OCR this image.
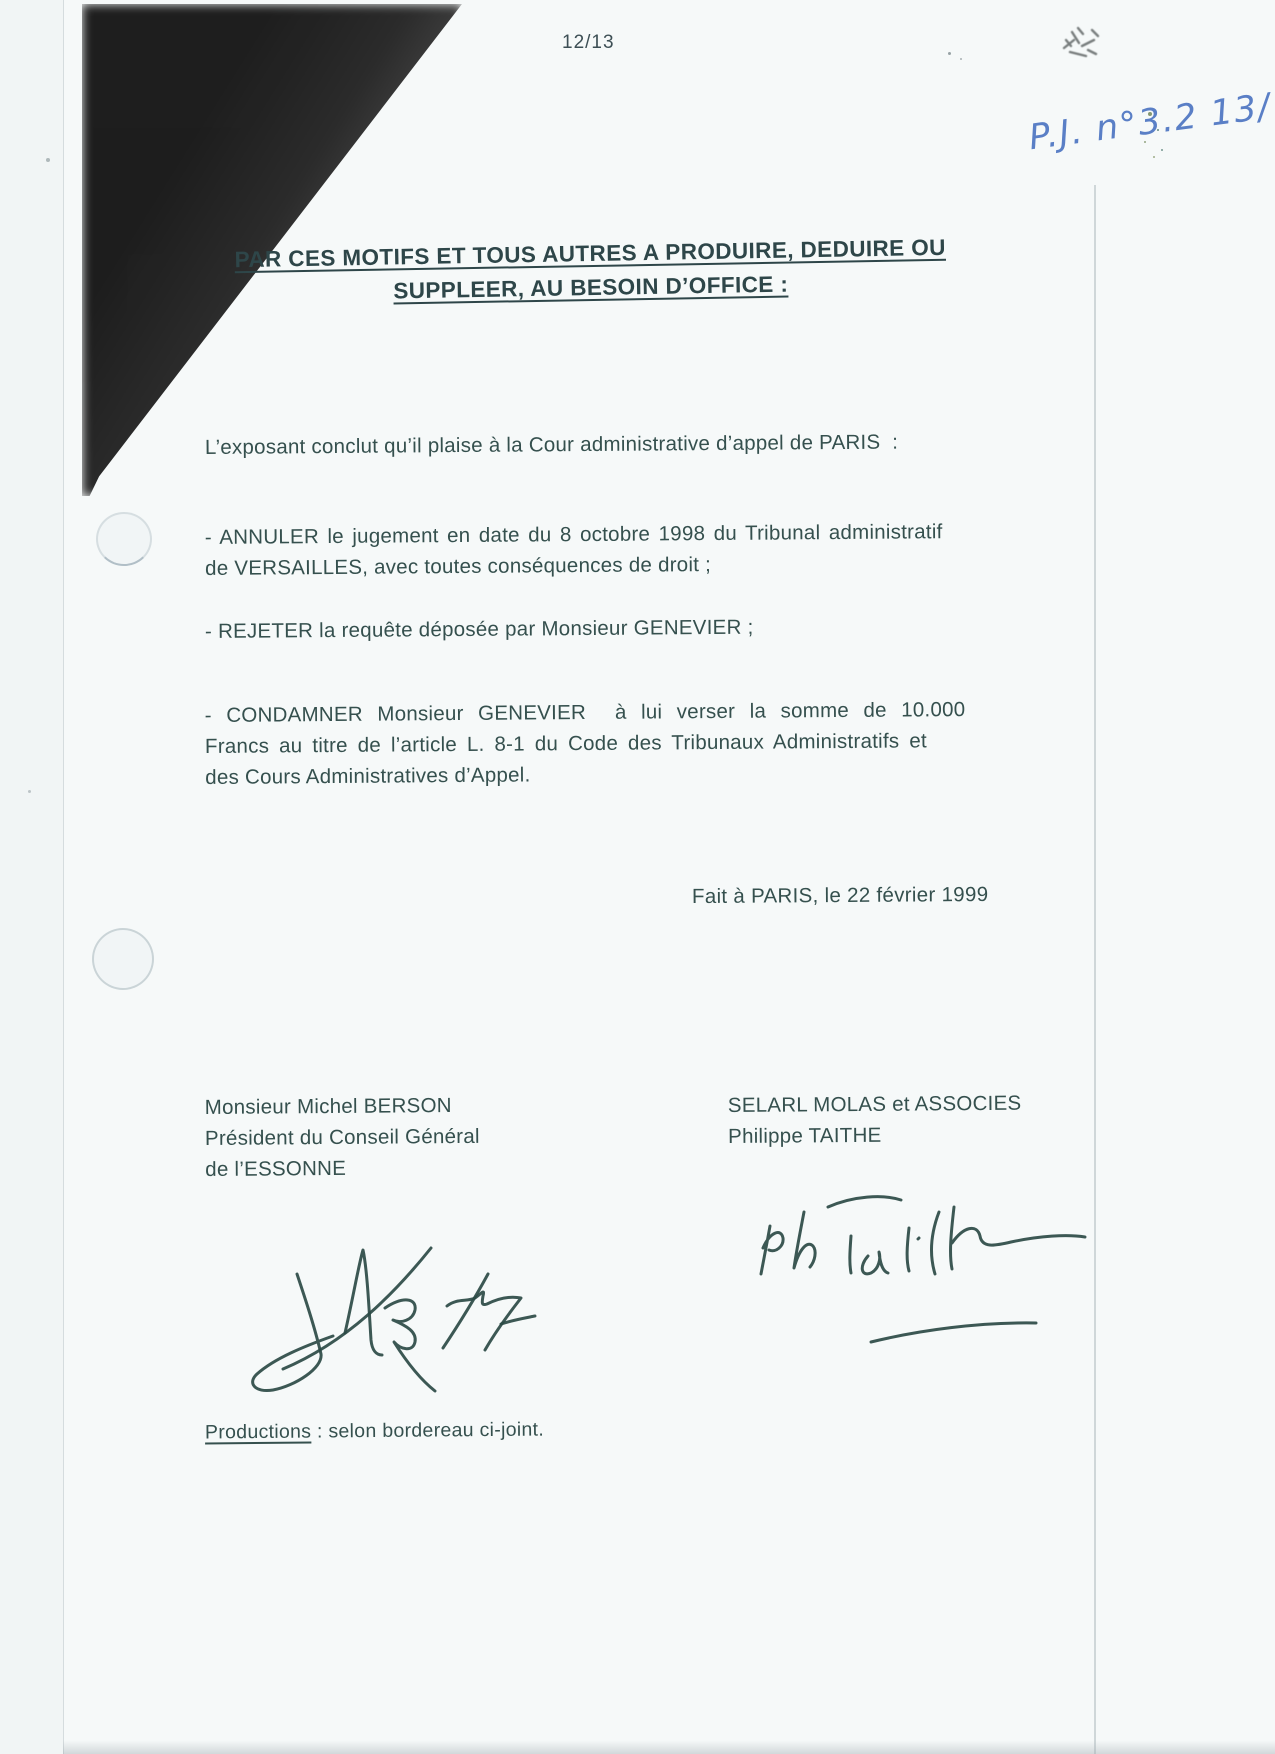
12/13
P.J. n°3.2 13/
PAR CES MOTIFS ET TOUS AUTRES A PRODUIRE, DEDUIRE OU
SUPPLEER, AU BESOIN D’OFFICE :
L’exposant conclut qu’il plaise à la Cour administrative d’appel de PARIS  :
- ANNULER le jugement en date du 8 octobre 1998 du Tribunal administratif
de VERSAILLES, avec toutes conséquences de droit ;
- REJETER la requête déposée par Monsieur GENEVIER ;
- CONDAMNER Monsieur GENEVIER  à lui verser la somme de 10.000
Francs au titre de l’article L. 8-1 du Code des Tribunaux Administratifs et
des Cours Administratives d’Appel.
Fait à PARIS, le 22 février 1999
Monsieur Michel BERSON
Président du Conseil Général
de l’ESSONNE
SELARL MOLAS et ASSOCIES
Philippe TAITHE
Productions : selon bordereau ci-joint.
